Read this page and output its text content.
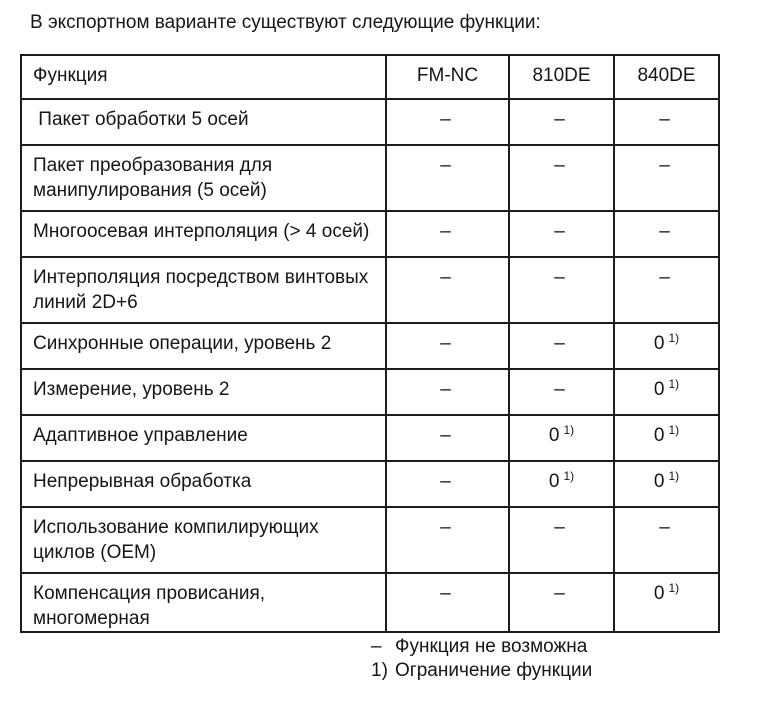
В экспортном варианте существуют следующие функции:

Функция	FM-NC	810DE	840DE
Пакет обработки 5 осей	–	–	–
Пакет преобразования для манипулирования (5 осей)	–	–	–
Многоосевая интерполяция (> 4 осей)	–	–	–
Интерполяция посредством винтовых линий 2D+6	–	–	–
Синхронные операции, уровень 2	–	–	0 $^{1)}$
Измерение, уровень 2	–	–	0 $^{1)}$
Адаптивное управление	–	0 $^{1)}$	0 $^{1)}$
Непрерывная обработка	–	0 $^{1)}$	0 $^{1)}$
Использование компилирующих циклов (OEM)	–	–	–
Компенсация провисания, многомерная	–	–	0 $^{1)}$
– Функция не возможна
1) Ограничение функции
